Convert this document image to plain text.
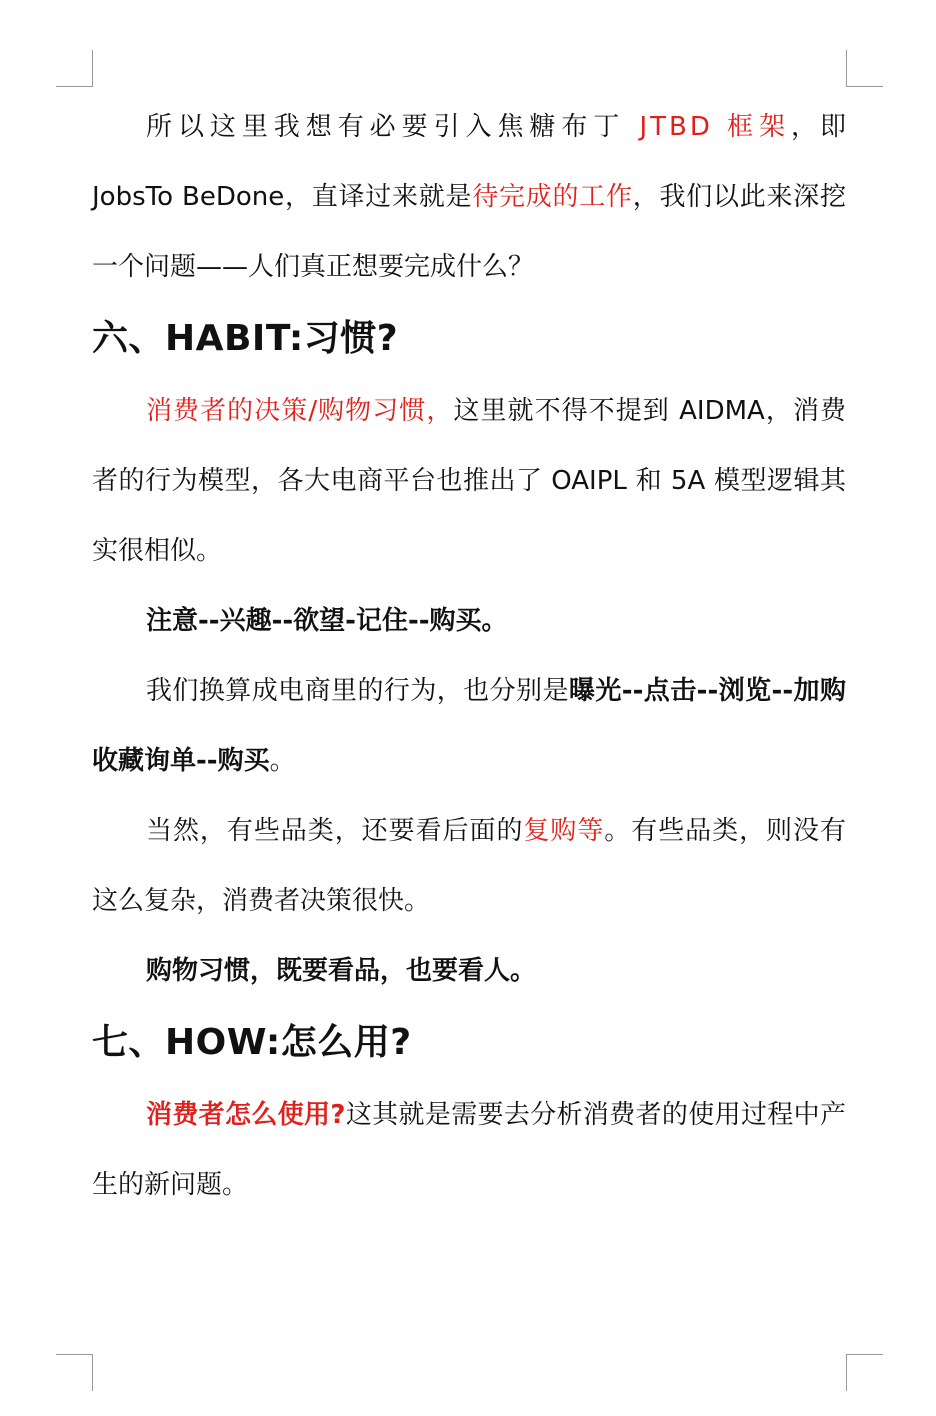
所以这里我想有必要引入焦糖布丁 JTBD 框架，即 JobsTo BeDone，直译过来就是待完成的工作，我们以此来深挖一个问题——人们真正想要完成什么？

六、HABIT:习惯?

消费者的决策/购物习惯，这里就不得不提到 AIDMA，消费者的行为模型，各大电商平台也推出了 OAIPL 和 5A 模型逻辑其实很相似。

注意--兴趣--欲望-记住--购买。

我们换算成电商里的行为，也分别是曝光--点击--浏览--加购收藏询单--购买。

当然，有些品类，还要看后面的复购等。有些品类，则没有这么复杂，消费者决策很快。

购物习惯，既要看品，也要看人。

七、HOW:怎么用?

消费者怎么使用?这其就是需要去分析消费者的使用过程中产生的新问题。
